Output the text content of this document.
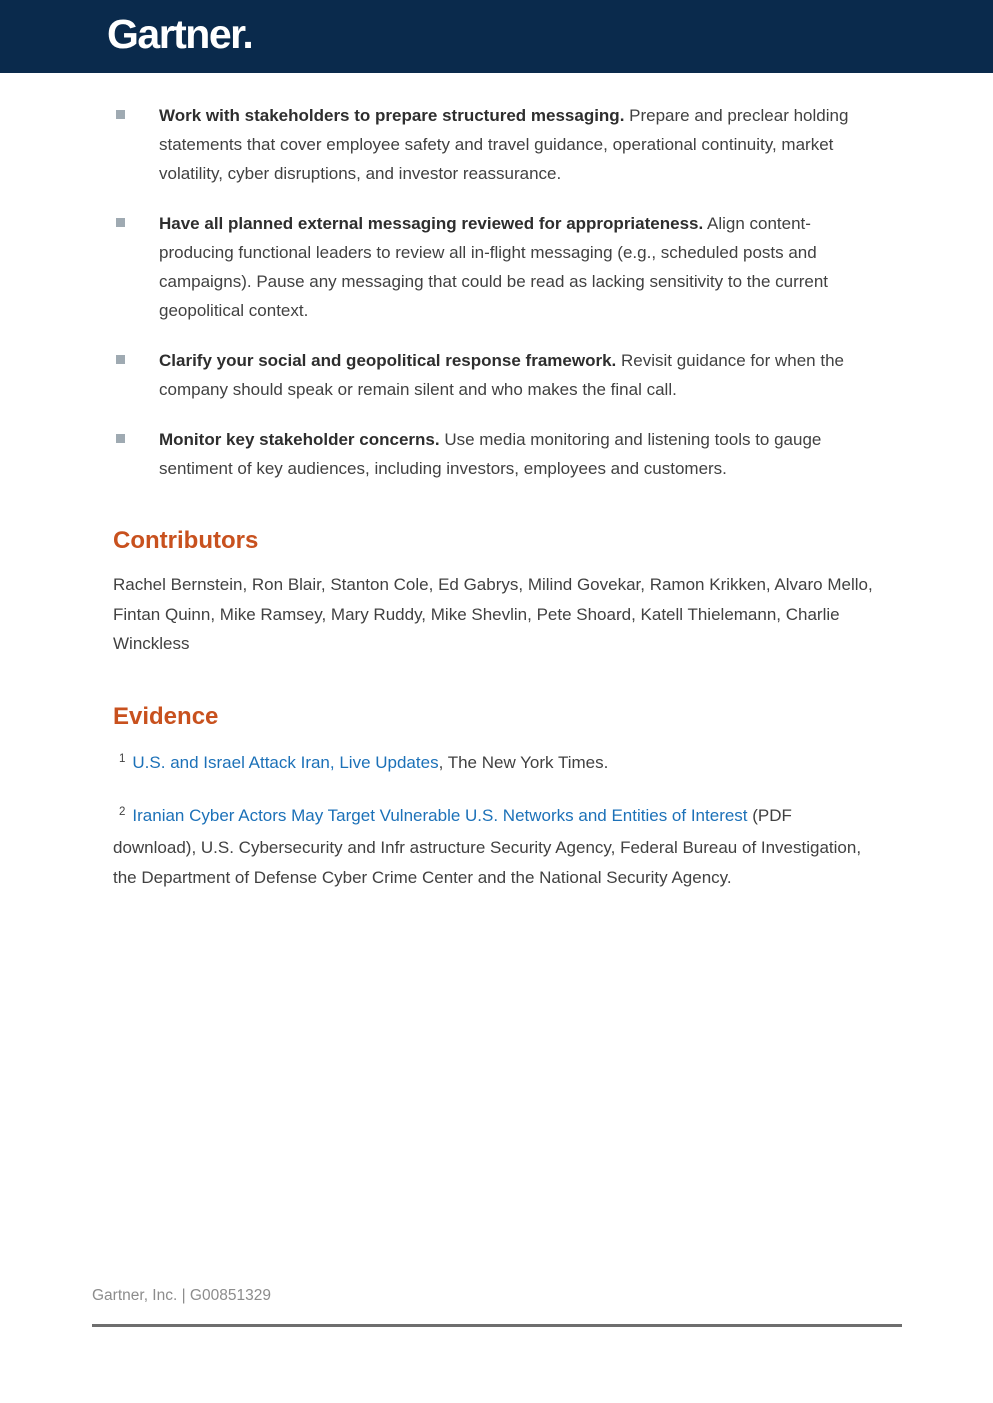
Gartner.
Work with stakeholders to prepare structured messaging. Prepare and preclear holding statements that cover employee safety and travel guidance, operational continuity, market volatility, cyber disruptions, and investor reassurance.
Have all planned external messaging reviewed for appropriateness. Align content-producing functional leaders to review all in-flight messaging (e.g., scheduled posts and campaigns). Pause any messaging that could be read as lacking sensitivity to the current geopolitical context.
Clarify your social and geopolitical response framework. Revisit guidance for when the company should speak or remain silent and who makes the final call.
Monitor key stakeholder concerns. Use media monitoring and listening tools to gauge sentiment of key audiences, including investors, employees and customers.
Contributors

Rachel Bernstein, Ron Blair, Stanton Cole, Ed Gabrys, Milind Govekar, Ramon Krikken, Alvaro Mello, Fintan Quinn, Mike Ramsey, Mary Ruddy, Mike Shevlin, Pete Shoard, Katell Thielemann, Charlie Winckless

Evidence

$^1$ U.S. and Israel Attack Iran, Live Updates, The New York Times.

$^2$ Iranian Cyber Actors May Target Vulnerable U.S. Networks and Entities of Interest (PDF download), U.S. Cybersecurity and Infr astructure Security Agency, Federal Bureau of Investigation, the Department of Defense Cyber Crime Center and the National Security Agency.

Gartner, Inc. | G00851329
